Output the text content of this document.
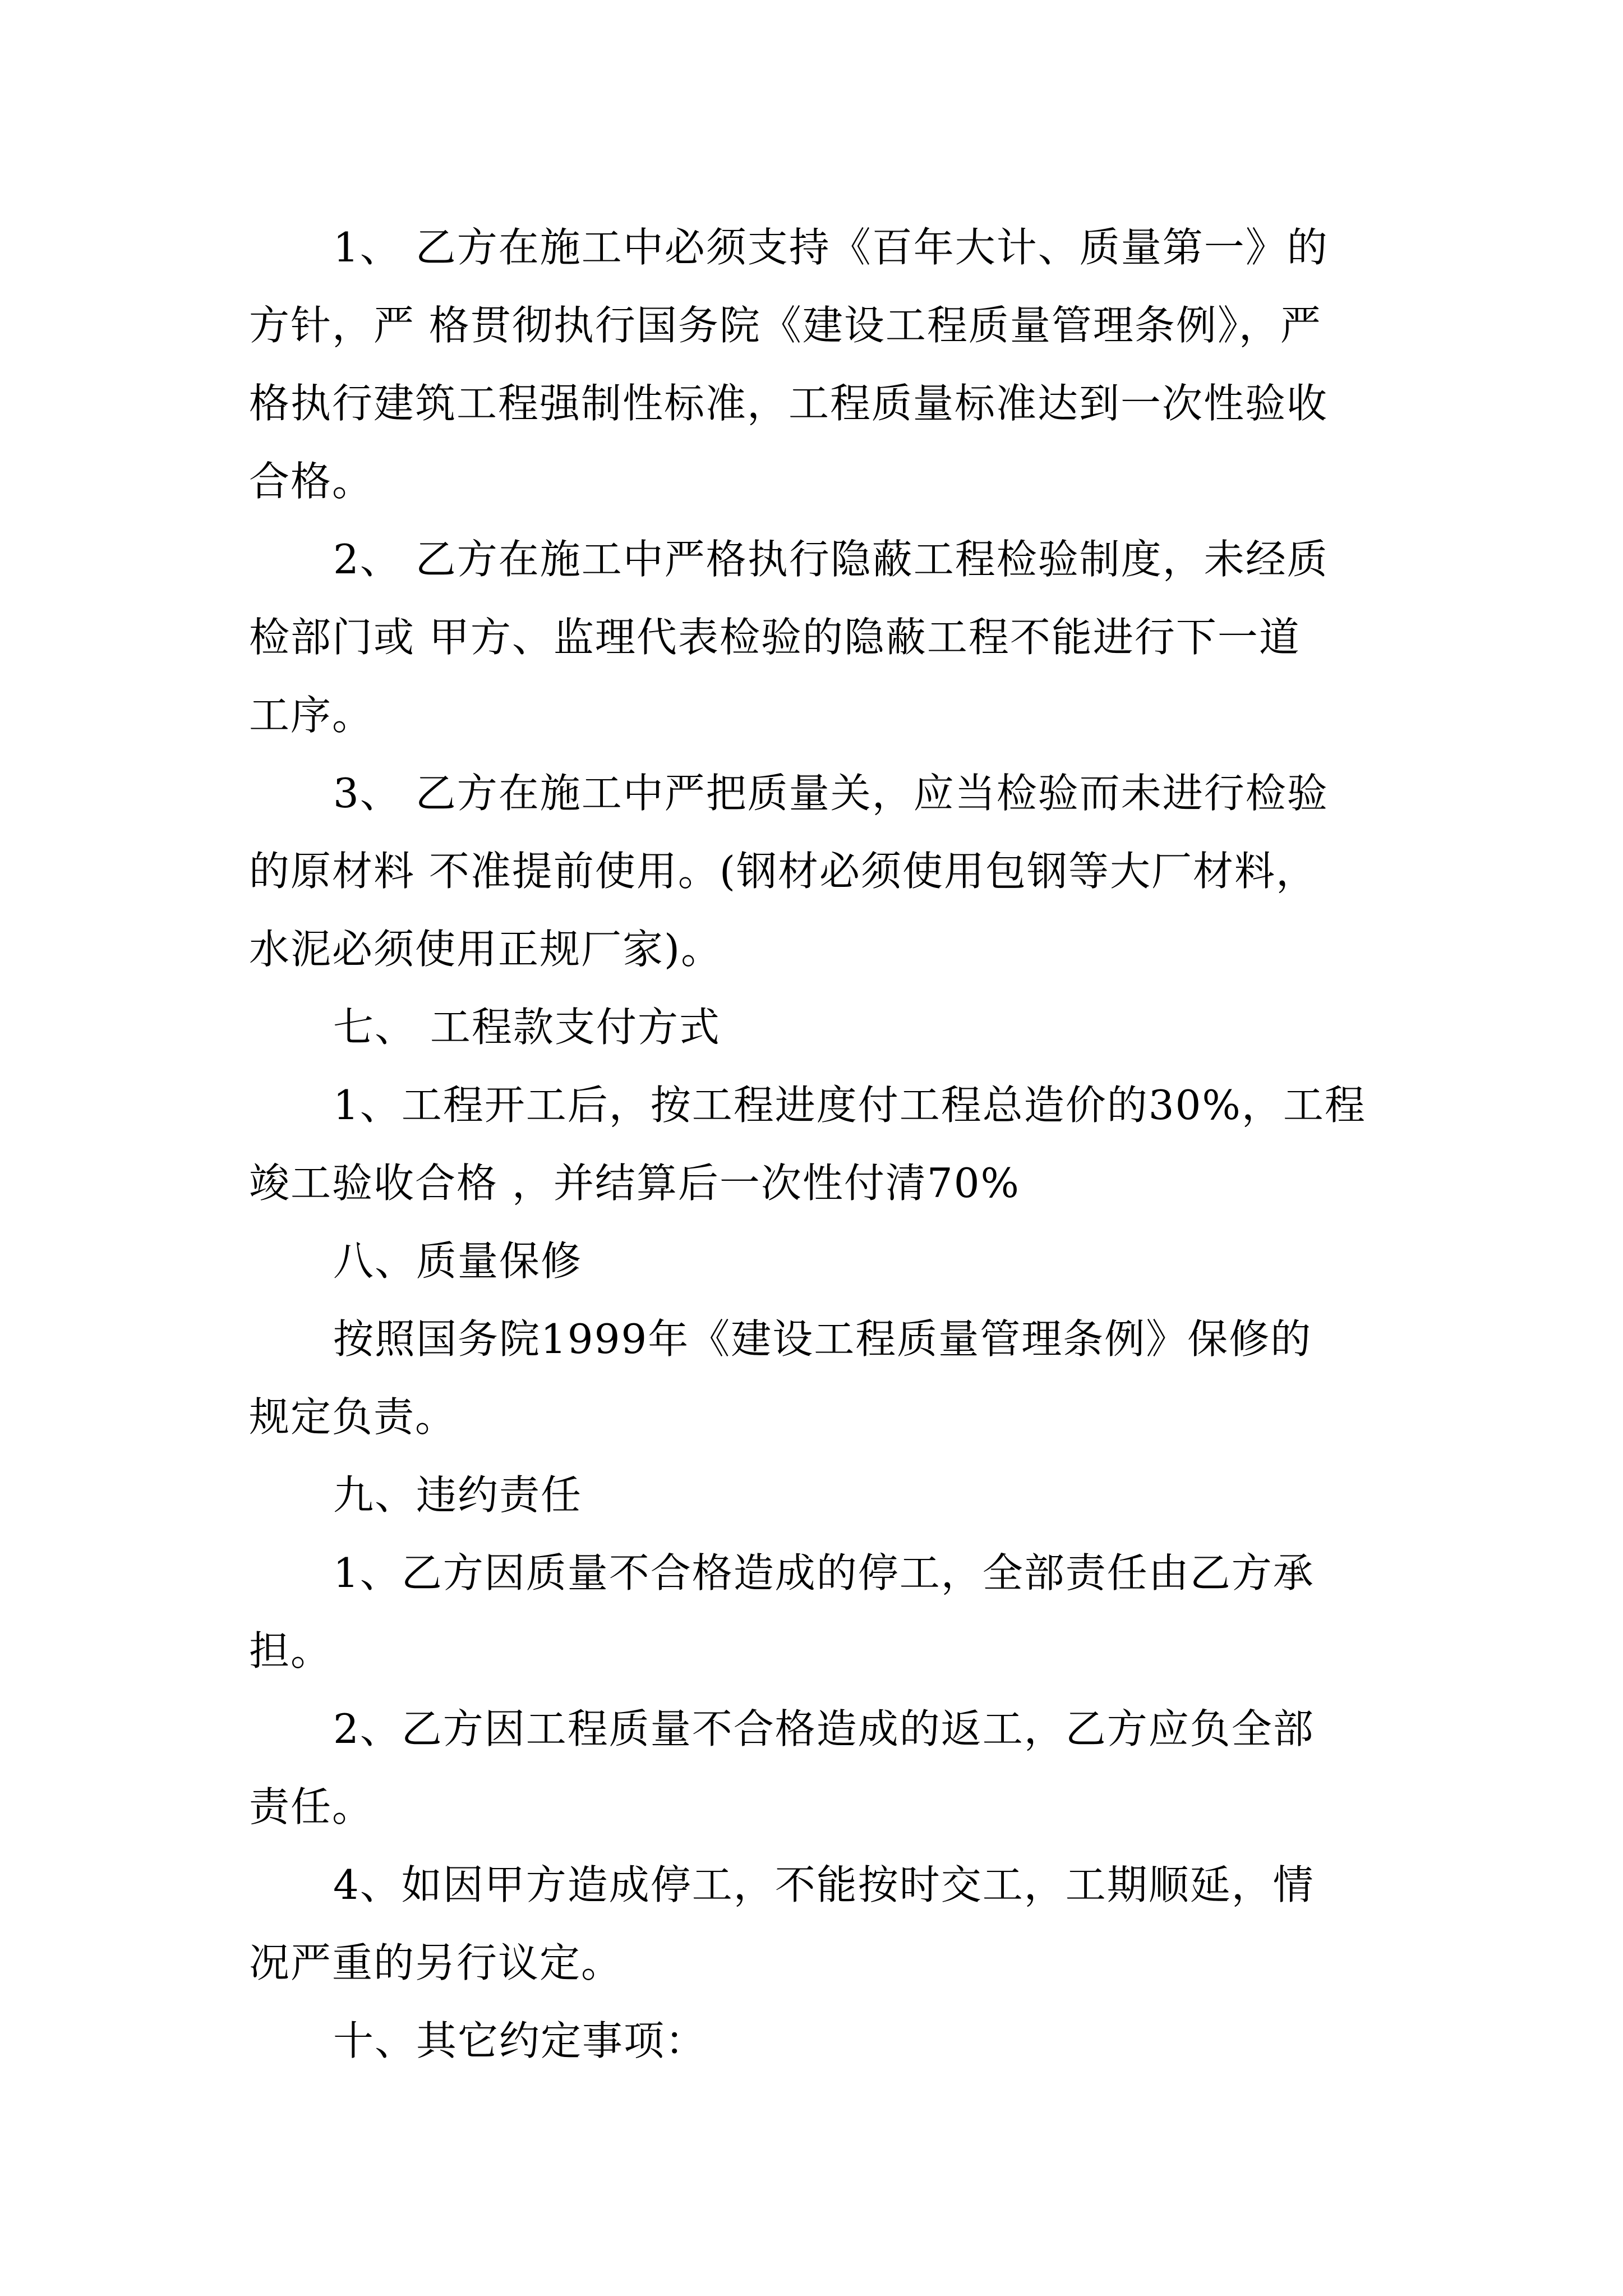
1、 乙方在施工中必须支持《百年大计、质量第一》的
方针，严 格贯彻执行国务院《建设工程质量管理条例》，严
格执行建筑工程强制性标准，工程质量标准达到一次性验收
合格。
2、 乙方在施工中严格执行隐蔽工程检验制度，未经质
检部门或 甲方、监理代表检验的隐蔽工程不能进行下一道
工序。
3、 乙方在施工中严把质量关，应当检验而未进行检验
的原材料 不准提前使用。(钢材必须使用包钢等大厂材料，
水泥必须使用正规厂家)。
七、 工程款支付方式
1、工程开工后，按工程进度付工程总造价的30%，工程
竣工验收合格 ，并结算后一次性付清70%
八、质量保修
按照国务院1999年《建设工程质量管理条例》保修的
规定负责。
九、违约责任
1、乙方因质量不合格造成的停工，全部责任由乙方承
担。
2、乙方因工程质量不合格造成的返工，乙方应负全部
责任。
4、如因甲方造成停工，不能按时交工，工期顺延，情
况严重的另行议定。
十、其它约定事项：
